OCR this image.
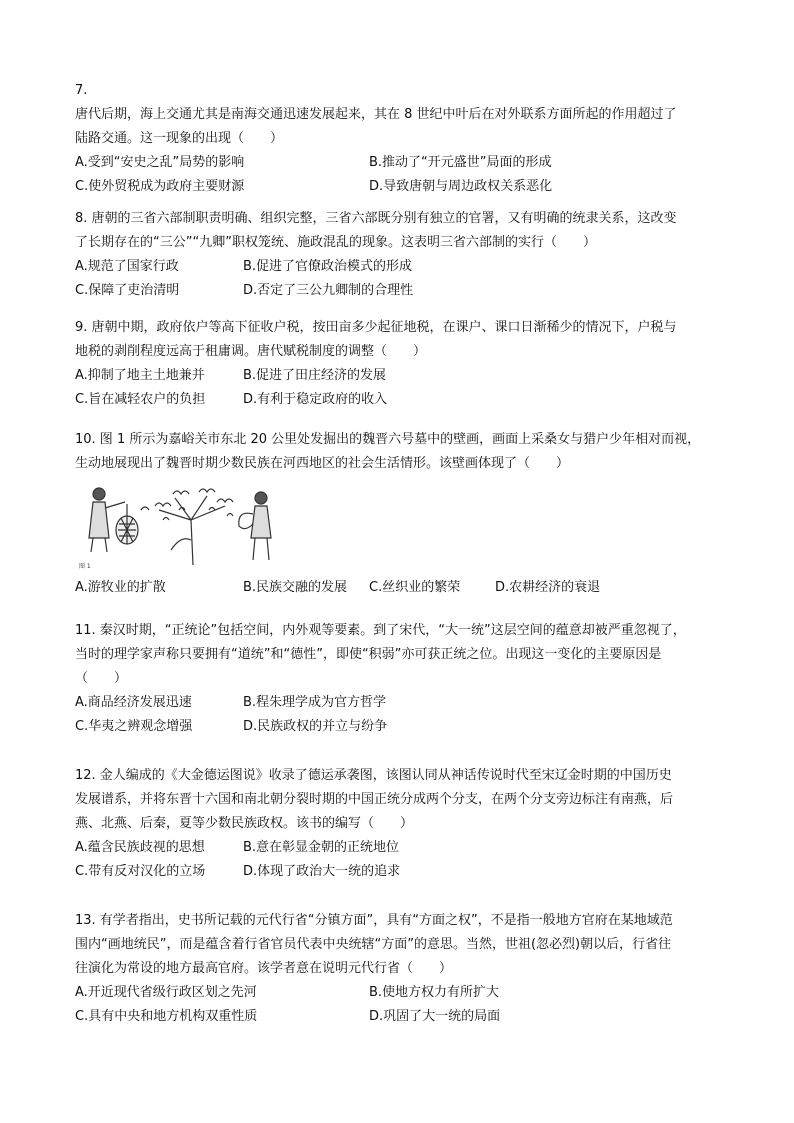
7.
唐代后期，海上交通尤其是南海交通迅速发展起来，其在 8 世纪中叶后在对外联系方面所起的作用超过了
陆路交通。这一现象的出现（　　）
A.受到“安史之乱”局势的影响	B.推动了“开元盛世”局面的形成
C.使外贸税成为政府主要财源	D.导致唐朝与周边政权关系恶化
8. 唐朝的三省六部制职责明确、组织完整，三省六部既分别有独立的官署，又有明确的统隶关系，这改变
了长期存在的“三公”“九卿”职权笼统、施政混乱的现象。这表明三省六部制的实行（　　）
A.规范了国家行政	B.促进了官僚政治模式的形成
C.保障了吏治清明	D.否定了三公九卿制的合理性
9. 唐朝中期，政府依户等高下征收户税，按田亩多少起征地税，在课户、课口日渐稀少的情况下，户税与
地税的剥削程度远高于租庸调。唐代赋税制度的调整（　　）
A.抑制了地主土地兼并	B.促进了田庄经济的发展
C.旨在减轻农户的负担	D.有利于稳定政府的收入
10. 图 1 所示为嘉峪关市东北 20 公里处发掘出的魏晋六号墓中的壁画，画面上采桑女与猎户少年相对而视，
生动地展现出了魏晋时期少数民族在河西地区的社会生活情形。该壁画体现了（　　）
图 1
A.游牧业的扩散	B.民族交融的发展 C.丝织业的繁荣	D.农耕经济的衰退
11. 秦汉时期，“正统论”包括空间，内外观等要素。到了宋代，“大一统”这层空间的蕴意却被严重忽视了，
当时的理学家声称只要拥有“道统”和“德性”，即使“积弱”亦可获正统之位。出现这一变化的主要原因是
（　　）
A.商品经济发展迅速	B.程朱理学成为官方哲学
C.华夷之辨观念增强	D.民族政权的并立与纷争
12. 金人编成的《大金德运图说》收录了德运承袭图，该图认同从神话传说时代至宋辽金时期的中国历史
发展谱系，并将东晋十六国和南北朝分裂时期的中国正统分成两个分支，在两个分支旁边标注有南燕，后
燕、北燕、后秦，夏等少数民族政权。该书的编写（　　）
A.蕴含民族歧视的思想	B.意在彰显金朝的正统地位
C.带有反对汉化的立场	D.体现了政治大一统的追求
13. 有学者指出，史书所记载的元代行省“分镇方面”，具有“方面之权”，不是指一般地方官府在某地域范
围内“画地统民”，而是蕴含着行省官员代表中央统辖“方面”的意思。当然，世祖(忽必烈)朝以后，行省往
往演化为常设的地方最高官府。该学者意在说明元代行省（　　）
A.开近现代省级行政区划之先河	B.使地方权力有所扩大
C.具有中央和地方机构双重性质	D.巩固了大一统的局面
